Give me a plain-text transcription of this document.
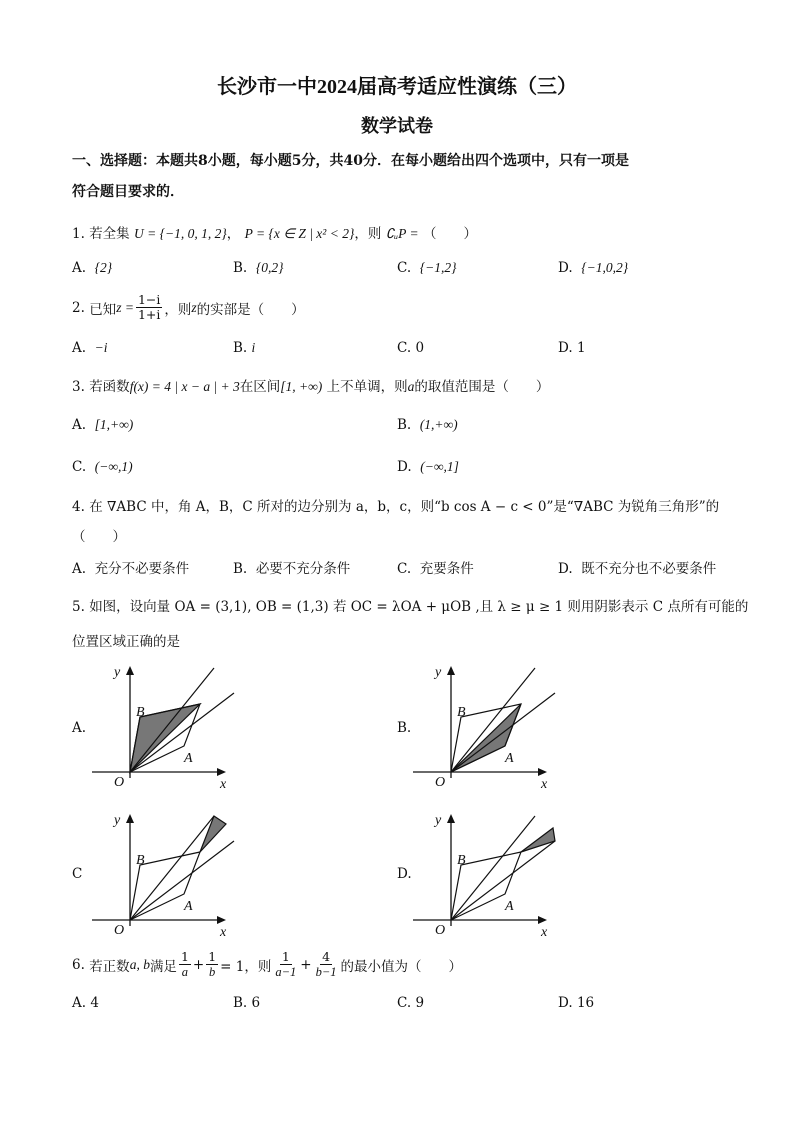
长沙市一中2024届高考适应性演练（三）
数学试卷
一、选择题：本题共8小题，每小题5分，共40分．在每小题给出四个选项中，只有一项是
符合题目要求的．
1. 若全集 U = {−1, 0, 1, 2}， P = {x ∈ Z | x² < 2}，则 ∁ᵤP = （　　）
A. {2}	B. {0,2}	C. {−1,2}	D. {−1,0,2}
2.
已知 $z = \frac{1-i}{1+i}$ ，则 z 的实部是（　　）
A. −i	B. i	C. 0	D. 1
3. 若函数f(x) = 4 | x − a | + 3在区间[1, +∞) 上不单调，则a的取值范围是（　　）
A. [1,+∞)	B. (1,+∞)
C. (−∞,1)	D. (−∞,1]
4. 在 ∇ABC 中，角 A，B，C 所对的边分别为 a，b，c，则“b cos A − c < 0”是“∇ABC 为锐角三角形”的
（　　）
A. 充分不必要条件	B. 必要不充分条件	C. 充要条件	D. 既不充分也不必要条件
5. 如图，设向量 OA = (3,1), OB = (1,3) 若 OC = λOA + μOB ,且 λ ≥ μ ≥ 1 则用阴影表示 C 点所有可能的
位置区域正确的是
A.	B.
C	D.
y
x
O
A
B
y
x
O
A
B
y
x
O
A
B
y
x
O
A
B
6.
若正数 a, b 满足 $\frac{1}{a} + \frac{1}{b} = 1$，则 $\frac{1}{a-1} + \frac{4}{b-1}$ 的最小值为（　　）
A. 4	B. 6	C. 9	D. 16
